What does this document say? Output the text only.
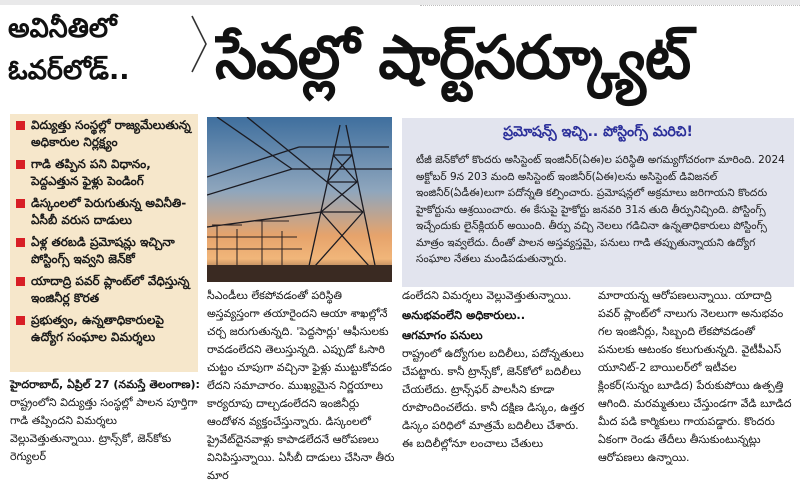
అవినీతిలో
ఓవర్‌లోడ్‌..	సేవల్లో షార్ట్‌సర్క్యూట్‌
విద్యుత్తు సంస్థల్లో రాజ్యమేలుతున్న అధికారుల నిర్లక్ష్యం
గాడి తప్పిన పని విధానం, పెద్దఎత్తున ఫైళ్లు పెండింగ్
డిస్కంలలో పెరుగుతున్న అవినీతి- ఏసీబీ వరుస దాడులు
ఏళ్ల తరబడి ప్రమోషన్లు ఇచ్చినా పోస్టింగ్స్ ఇవ్వని జెన్‌కో
యాదాద్రి పవర్ ప్లాంట్‌లో వేధిస్తున్న ఇంజినీర్ల కొరత
ప్రభుత్వం, ఉన్నతాధికారులపై ఉద్యోగ సంఘాల విమర్శలు
ప్రమోషన్స్ ఇచ్చి.. పోస్టింగ్స్ మరిచి!
టీజీ జెన్‌కోలో కొందరు అసిస్టెంట్ ఇంజినీర్(ఏఈ)ల పరిస్థితి అగమ్యగోచరంగా మారింది. 2024 అక్టోబర్ 9న 203 మంది అసిస్టెంట్ ఇంజినీర్(ఏఈ)లను అసిస్టెంట్ డివిజనల్ ఇంజినీర్(ఏడీఈ)లుగా పదోన్నతి కల్పించారు. ప్రమోషన్లలో అక్రమాలు జరిగాయని కొందరు హైకోర్టును ఆశ్రయించారు. ఈ కేసుపై హైకోర్టు జనవరి 31న తుది తీర్పునిచ్చింది. పోస్టింగ్స్ ఇచ్చేందుకు లైన్‌క్లియర్ అయింది. తీర్పు వచ్చి నెలలు గడిచినా ఉన్నతాధికారులు పోస్టింగ్స్ మాత్రం ఇవ్వలేదు. దీంతో పాలన అస్తవ్యస్తమై, పనులు గాడి తప్పుతున్నాయని ఉద్యోగ సంఘాల నేతలు మండిపడుతున్నారు.
హైదరాబాద్, ఏప్రిల్ 27 (నమస్తే తెలంగాణ): రాష్ట్రంలోని విద్యుత్తు సంస్థల్లో పాలన పూర్తిగా గాడి తప్పిందని విమర్శలు వెల్లువెత్తుతున్నాయి. ట్రాన్స్‌కో, జెన్‌కోకు రెగ్యులర్

సీఎండీలు లేకపోవడంతో పరిస్థితి అస్తవ్యస్తంగా తయారైందని ఆయా శాఖల్లోనే చర్చ జరుగుతున్నది. 'పెద్దసార్లు' ఆఫీసులకు రావడంలేదని తెలుస్తున్నది. ఎప్పుడో ఓసారి చుట్టం చూపుగా వచ్చినా ఫైళ్లు ముట్టుకోవడం లేదని సమాచారం. ముఖ్యమైన నిర్ణయాలు కార్యరూపు దాల్చడంలేదని ఇంజినీర్లు ఆందోళన వ్యక్తంచేస్తున్నారు. డిస్కంలలో ప్రైవేట్‌దైనవాళ్లు కాపాడలేదనే ఆరోపణలు వినిపిస్తున్నాయి. ఏసీబీ దాడులు చేసినా తీరు మార

డంలేదని విమర్శలు వెల్లువెత్తుతున్నాయి.

అనుభవంలేని అధికారులు..
ఆగమాగం పనులు

రాష్ట్రంలో ఉద్యోగుల బదిలీలు, పదోన్నతులు చేపట్టారు. కానీ ట్రాన్స్‌కో, జెన్‌కోలో బదిలీలు చేయలేదు. ట్రాన్స్‌ఫర్ పాలసీని కూడా రూపొందించలేదు. కానీ దక్షిణ డిస్కం, ఉత్తర డిస్కం పరిధిలో మాత్రమే బదిలీలు చేశారు. ఈ బదిలీల్లోనూ లంచాలు చేతులు

మారాయన్న ఆరోపణలున్నాయి. యాదాద్రి పవర్ ప్లాంట్‌లో నాలుగు నెలలుగా అనుభవం గల ఇంజినీర్లు, సిబ్బంది లేకపోవడంతో పనులకు ఆటంకం కలుగుతున్నది. వైటీపీఎస్ యూనిట్-2 బాయిలర్‌లో ఇటీవల క్లింకర్(సున్నం బూడిద) పేరుకుపోయి ఉత్పత్తి ఆగింది. మరమ్మతులు చేస్తుండగా వేడి బూడిద మీద పడి కార్మికులు గాయపడ్డారు. కొందరు ఏకంగా రెండు తేదీలు తీసుకుంటున్నట్లు ఆరోపణలు ఉన్నాయి.
